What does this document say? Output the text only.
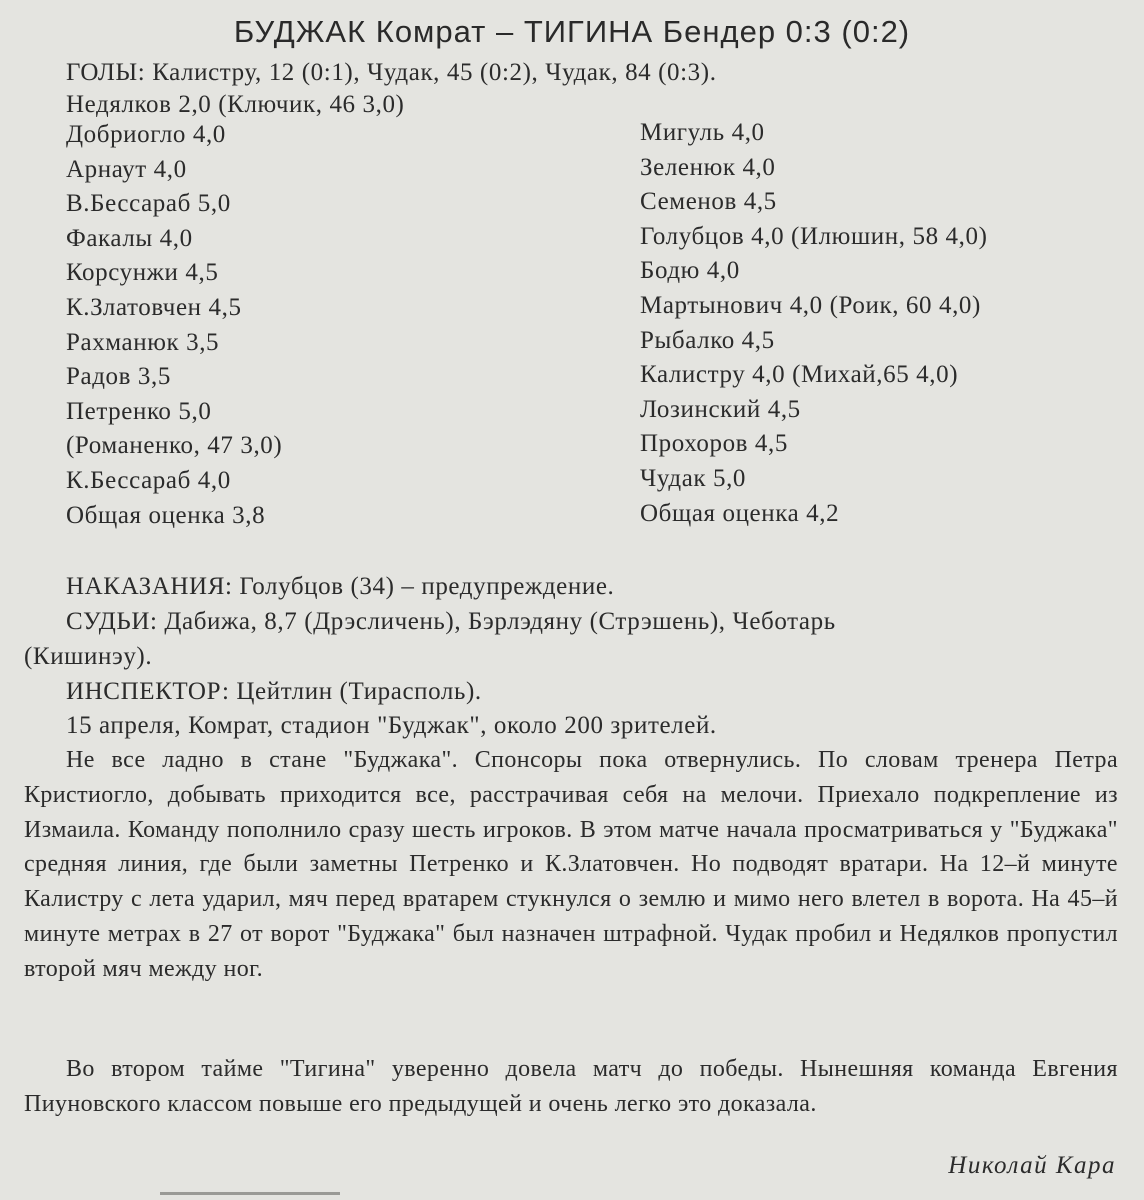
БУДЖАК Комрат – ТИГИНА Бендер 0:3 (0:2)
ГОЛЫ: Калистру, 12 (0:1), Чудак, 45 (0:2), Чудак, 84 (0:3).
Недялков 2,0 (Ключик, 46 3,0)
Добриогло 4,0
Арнаут 4,0
В.Бессараб 5,0
Факалы 4,0
Корсунжи 4,5
К.Златовчен 4,5
Рахманюк 3,5
Радов 3,5
Петренко 5,0
(Романенко, 47 3,0)
К.Бессараб 4,0
Общая оценка 3,8
Мигуль 4,0
Зеленюк 4,0
Семенов 4,5
Голубцов 4,0 (Илюшин, 58 4,0)
Бодю 4,0
Мартынович 4,0 (Роик, 60 4,0)
Рыбалко 4,5
Калистру 4,0 (Михай,65 4,0)
Лозинский 4,5
Прохоров 4,5
Чудак 5,0
Общая оценка 4,2
НАКАЗАНИЯ: Голубцов (34) – предупреждение.
СУДЬИ: Дабижа, 8,7 (Дрэсличень), Бэрлэдяну (Стрэшень), Чеботарь
(Кишинэу).
ИНСПЕКТОР: Цейтлин (Тирасполь).
15 апреля, Комрат, стадион "Буджак", около 200 зрителей.
Не все ладно в стане "Буджака". Спонсоры пока отвернулись. По словам тренера Петра Кристиогло, добывать приходится все, расстрачивая себя на мелочи. Приехало подкрепление из Измаила. Команду пополнило сразу шесть игроков. В этом матче начала просматриваться у "Буджака" средняя линия, где были заметны Петренко и К.Златовчен. Но подводят вратари. На 12–й минуте Калистру с лета ударил, мяч перед вратарем стукнулся о землю и мимо него влетел в ворота. На 45–й минуте метрах в 27 от ворот "Буджака" был назначен штрафной. Чудак пробил и Недялков пропустил второй мяч между ног.
Во втором тайме "Тигина" уверенно довела матч до победы. Нынешняя команда Евгения Пиуновского классом повыше его предыдущей и очень легко это доказала.
Николай Кара
